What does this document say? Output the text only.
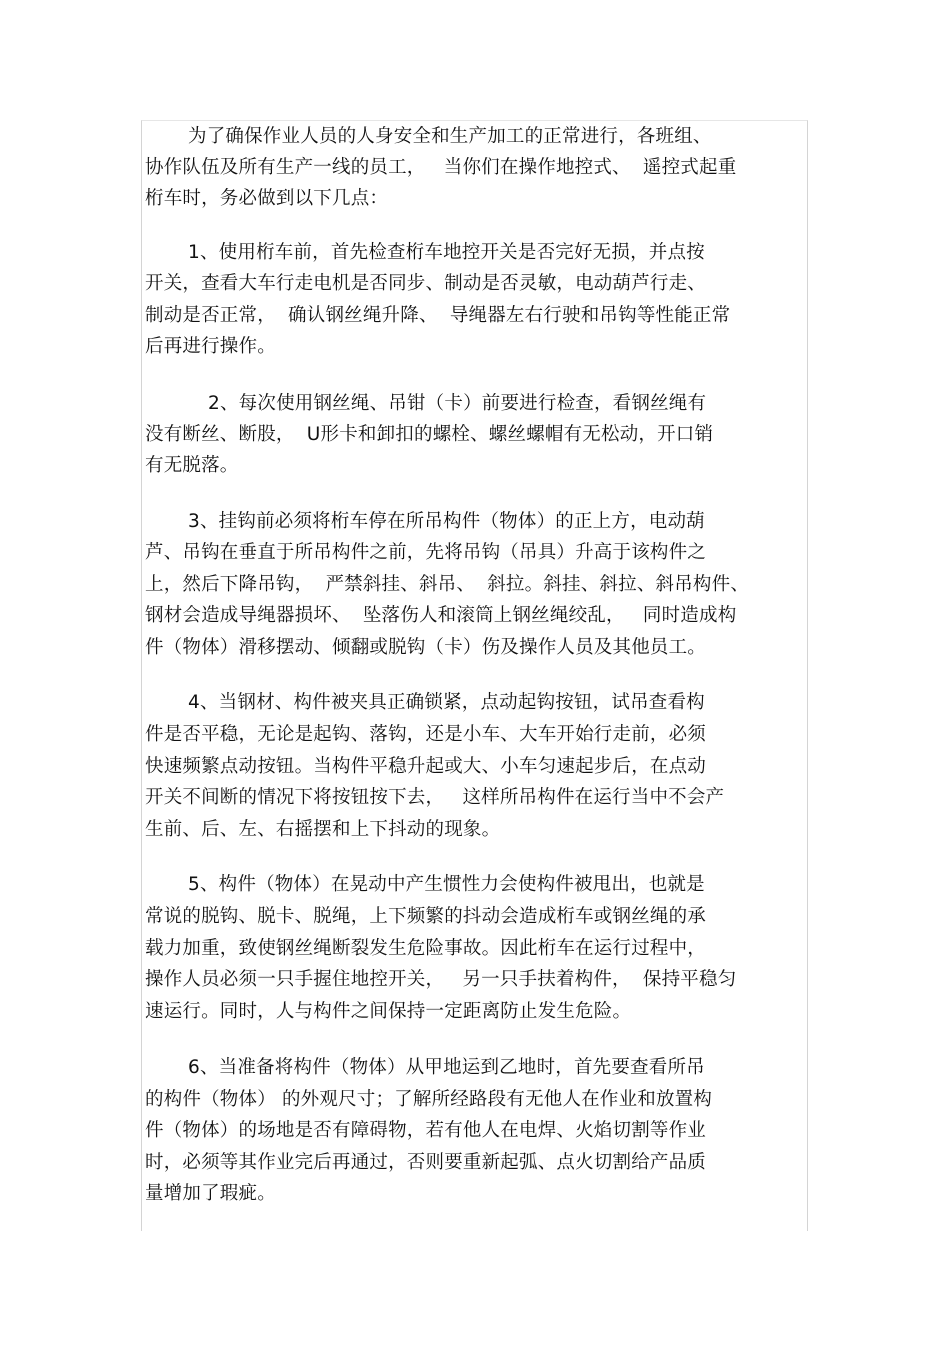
为了确保作业人员的人身安全和生产加工的正常进行，各班组、
协作队伍及所有生产一线的员工，   当你们在操作地控式、  遥控式起重
桁车时，务必做到以下几点：
1、使用桁车前，首先检查桁车地控开关是否完好无损，并点按
开关，查看大车行走电机是否同步、制动是否灵敏，电动葫芦行走、
制动是否正常，  确认钢丝绳升降、  导绳器左右行驶和吊钩等性能正常
后再进行操作。
2、每次使用钢丝绳、吊钳（卡）前要进行检查，看钢丝绳有
没有断丝、断股，  U形卡和卸扣的螺栓、螺丝螺帽有无松动，开口销
有无脱落。
3、挂钩前必须将桁车停在所吊构件（物体）的正上方，电动葫
芦、吊钩在垂直于所吊构件之前，先将吊钩（吊具）升高于该构件之
上，然后下降吊钩，  严禁斜挂、斜吊、  斜拉。斜挂、斜拉、斜吊构件、
钢材会造成导绳器损坏、  坠落伤人和滚筒上钢丝绳绞乱，   同时造成构
件（物体）滑移摆动、倾翻或脱钩（卡）伤及操作人员及其他员工。
4、当钢材、构件被夹具正确锁紧，点动起钩按钮，试吊查看构
件是否平稳，无论是起钩、落钩，还是小车、大车开始行走前，必须
快速频繁点动按钮。当构件平稳升起或大、小车匀速起步后，在点动
开关不间断的情况下将按钮按下去，   这样所吊构件在运行当中不会产
生前、后、左、右摇摆和上下抖动的现象。
5、构件（物体）在晃动中产生惯性力会使构件被甩出，也就是
常说的脱钩、脱卡、脱绳，上下频繁的抖动会造成桁车或钢丝绳的承
载力加重，致使钢丝绳断裂发生危险事故。因此桁车在运行过程中，
操作人员必须一只手握住地控开关，   另一只手扶着构件，  保持平稳匀
速运行。同时，人与构件之间保持一定距离防止发生危险。
6、当准备将构件（物体）从甲地运到乙地时，首先要查看所吊
的构件（物体） 的外观尺寸；了解所经路段有无他人在作业和放置构
件（物体）的场地是否有障碍物，若有他人在电焊、火焰切割等作业
时，必须等其作业完后再通过，否则要重新起弧、点火切割给产品质
量增加了瑕疵。
